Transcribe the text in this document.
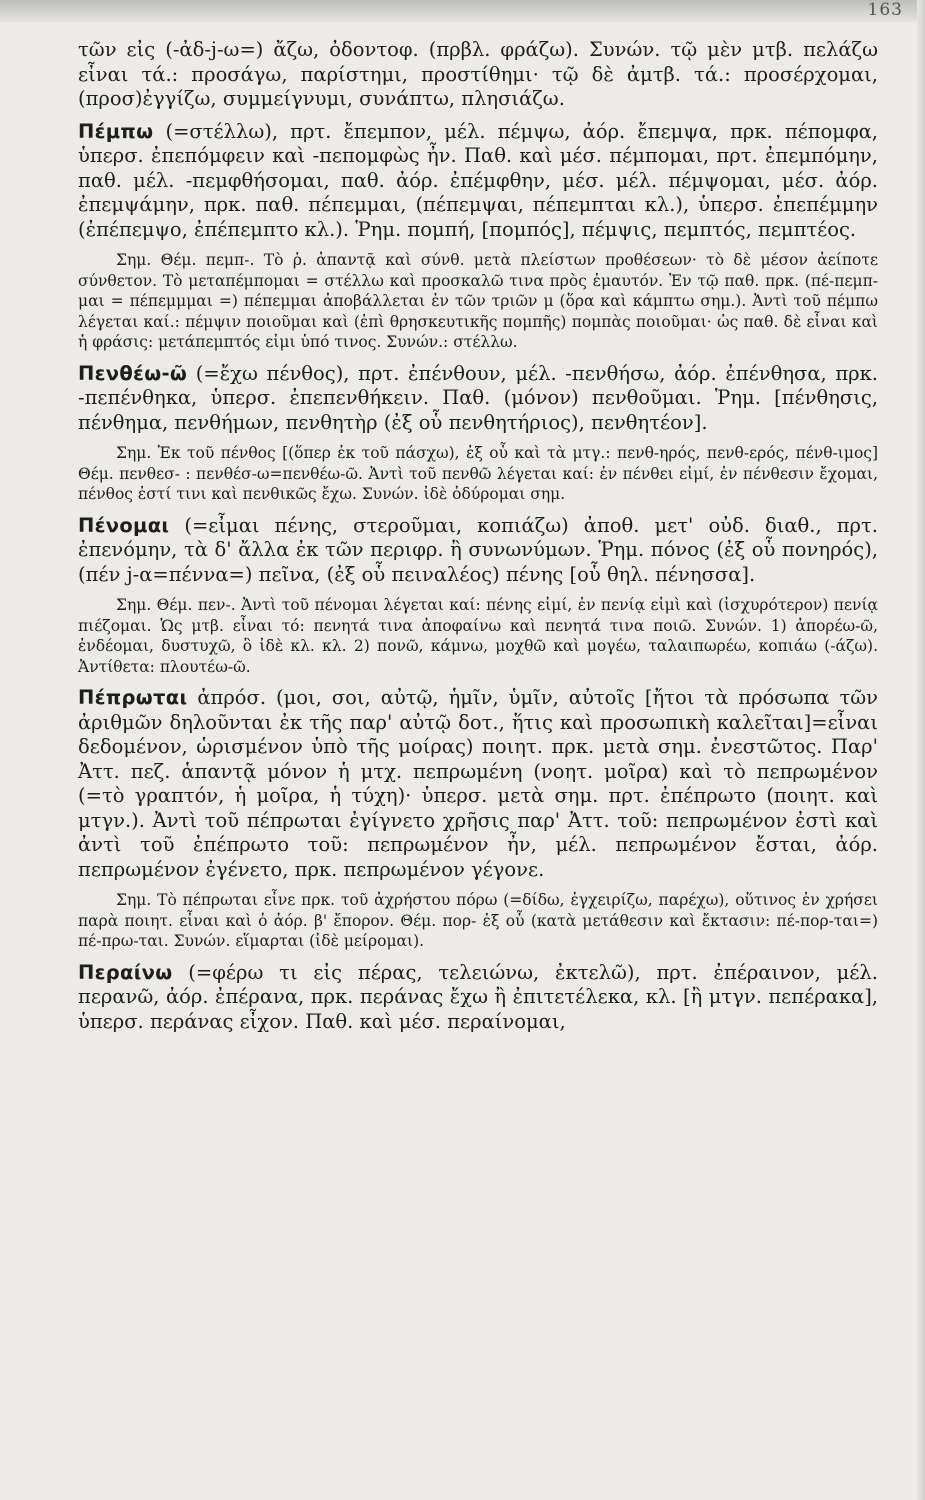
163

τῶν εἰς (-ἀδ-j-ω=) ἄζω, ὀδοντοφ. (πρβλ. φράζω). Συνών. τῷ μὲν μτβ. πελάζω εἶναι τά.: προσάγω, παρίστημι, προστίθημι· τῷ δὲ ἀμτβ. τά.: προσέρχομαι, (προσ)ἐγγίζω, συμμείγνυμι, συνάπτω, πλησιάζω.

Πέμπω (=στέλλω), πρτ. ἔπεμπον, μέλ. πέμψω, ἀόρ. ἔπεμψα, πρκ. πέπομφα, ὑπερσ. ἐπεπόμφειν καὶ -πεπομφὼς ἦν. Παθ. καὶ μέσ. πέμπομαι, πρτ. ἐπεμπόμην, παθ. μέλ. -πεμφθήσομαι, παθ. ἀόρ. ἐπέμφθην, μέσ. μέλ. πέμψομαι, μέσ. ἀόρ. ἐπεμψάμην, πρκ. παθ. πέπεμμαι, (πέπεμψαι, πέπεμπται κλ.), ὑπερσ. ἐπεπέμμην (ἐπέπεμψο, ἐπέπεμπτο κλ.). Ῥημ. πομπή, [πομπός], πέμψις, πεμπτός, πεμπτέος.

Σημ. Θέμ. πεμπ-. Τὸ ῥ. ἁπαντᾷ καὶ σύνθ. μετὰ πλείστων προθέσεων· τὸ δὲ μέσον ἀείποτε σύνθετον. Τὸ μεταπέμπομαι = στέλλω καὶ προσκαλῶ τινα πρὸς ἐμαυτόν. Ἐν τῷ παθ. πρκ. (πέ-πεμπ-μαι = πέπεμμμαι =) πέπεμμαι ἀποβάλλεται ἐν τῶν τριῶν μ (ὅρα καὶ κάμπτω σημ.). Ἀντὶ τοῦ πέμπω λέγεται καί.: πέμψιν ποιοῦμαι καὶ (ἐπὶ θρησκευτικῆς πομπῆς) πομπὰς ποιοῦμαι· ὡς παθ. δὲ εἶναι καὶ ἡ φράσις: μετάπεμπτός εἰμι ὑπό τινος. Συνών.: στέλλω.

Πενθέω-ῶ (=ἔχω πένθος), πρτ. ἐπένθουν, μέλ. -πενθήσω, ἀόρ. ἐπένθησα, πρκ. -πεπένθηκα, ὑπερσ. ἐπεπενθήκειν. Παθ. (μόνον) πενθοῦμαι. Ῥημ. [πένθησις, πένθημα, πενθήμων, πενθητὴρ (ἐξ οὗ πενθητήριος), πενθητέον].

Σημ. Ἐκ τοῦ πένθος [(ὅπερ ἐκ τοῦ πάσχω), ἐξ οὗ καὶ τὰ μτγ.: πενθ-ηρός, πενθ-ερός, πένθ-ιμος] Θέμ. πενθεσ- : πενθέσ-ω=πενθέω-ῶ. Ἀντὶ τοῦ πενθῶ λέγεται καί: ἐν πένθει εἰμί, ἐν πένθεσιν ἔχομαι, πένθος ἐστί τινι καὶ πενθικῶς ἔχω. Συνών. ἰδὲ ὀδύρομαι σημ.

Πένομαι (=εἶμαι πένης, στεροῦμαι, κοπιάζω) ἀποθ. μετ' οὐδ. διαθ., πρτ. ἐπενόμην, τὰ δ' ἄλλα ἐκ τῶν περιφρ. ἢ συνωνύμων. Ῥημ. πόνος (ἐξ οὗ πονηρός), (πέν j-α=πέννα=) πεῖνα, (ἐξ οὗ πειναλέος) πένης [οὗ θηλ. πένησσα].

Σημ. Θέμ. πεν-. Ἀντὶ τοῦ πένομαι λέγεται καί: πένης εἰμί, ἐν πενίᾳ εἰμὶ καὶ (ἰσχυρότερον) πενίᾳ πιέζομαι. Ὡς μτβ. εἶναι τό: πενητά τινα ἀποφαίνω καὶ πενητά τινα ποιῶ. Συνών. 1) ἀπορέω-ῶ, ἐνδέομαι, δυστυχῶ, ὃ ἰδὲ κλ. κλ. 2) πονῶ, κάμνω, μοχθῶ καὶ μογέω, ταλαιπωρέω, κοπιάω (-άζω). Ἀντίθετα: πλουτέω-ῶ.

Πέπρωται ἀπρόσ. (μοι, σοι, αὐτῷ, ἡμῖν, ὑμῖν, αὐτοῖς [ἤτοι τὰ πρόσωπα τῶν ἀριθμῶν δηλοῦνται ἐκ τῆς παρ' αὐτῷ δοτ., ἥτις καὶ προσωπικὴ καλεῖται]=εἶναι δεδομένον, ὡρισμένον ὑπὸ τῆς μοίρας) ποιητ. πρκ. μετὰ σημ. ἐνεστῶτος. Παρ' Ἀττ. πεζ. ἁπαντᾷ μόνον ἡ μτχ. πεπρωμένη (νοητ. μοῖρα) καὶ τὸ πεπρωμένον (=τὸ γραπτόν, ἡ μοῖρα, ἡ τύχη)· ὑπερσ. μετὰ σημ. πρτ. ἐπέπρωτο (ποιητ. καὶ μτγν.). Ἀντὶ τοῦ πέπρωται ἐγίγνετο χρῆσις παρ' Ἀττ. τοῦ: πεπρωμένον ἐστὶ καὶ ἀντὶ τοῦ ἐπέπρωτο τοῦ: πεπρωμένον ἦν, μέλ. πεπρωμένον ἔσται, ἀόρ. πεπρωμένον ἐγένετο, πρκ. πεπρωμένον γέγονε.

Σημ. Τὸ πέπρωται εἶνε πρκ. τοῦ ἀχρήστου πόρω (=δίδω, ἐγχειρίζω, παρέχω), οὕτινος ἐν χρήσει παρὰ ποιητ. εἶναι καὶ ὁ ἀόρ. β' ἔπορον. Θέμ. πορ- ἐξ οὗ (κατὰ μετάθεσιν καὶ ἔκτασιν: πέ-πορ-ται=) πέ-πρω-ται. Συνών. εἵμαρται (ἰδὲ μείρομαι).

Περαίνω (=φέρω τι εἰς πέρας, τελειώνω, ἐκτελῶ), πρτ. ἐπέραινον, μέλ. περανῶ, ἀόρ. ἐπέρανα, πρκ. περάνας ἔχω ἢ ἐπιτετέλεκα, κλ. [ἢ μτγν. πεπέρακα], ὑπερσ. περάνας εἶχον. Παθ. καὶ μέσ. περαίνομαι,
